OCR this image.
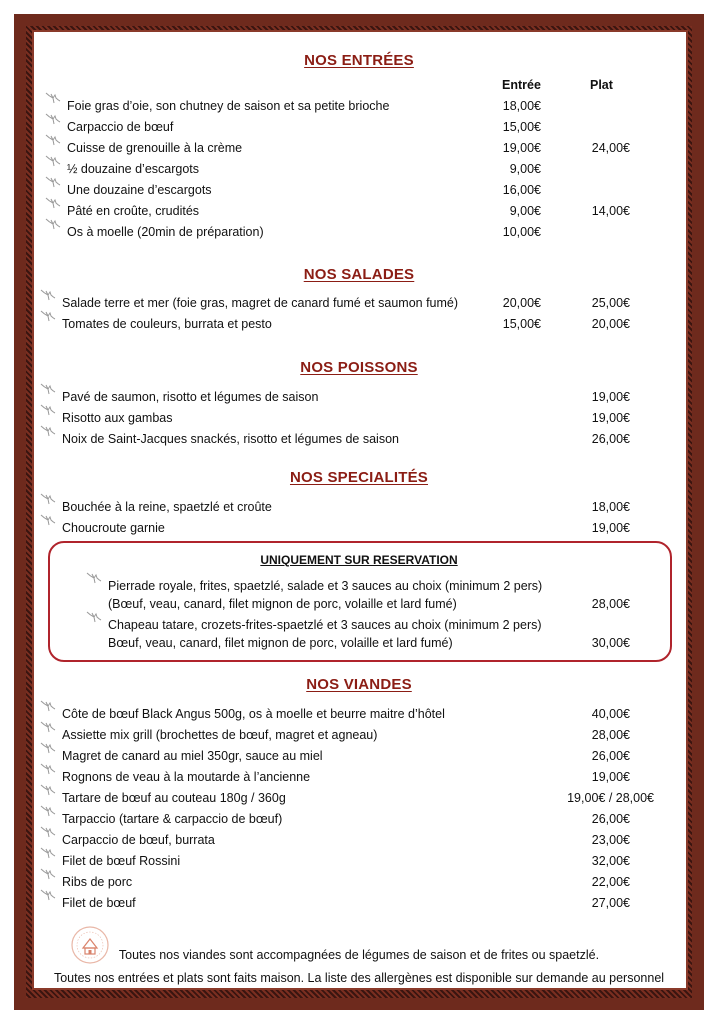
NOS ENTRÉES
Entrée	Plat
Foie gras d’oie, son chutney de saison et sa petite brioche	18,00€
Carpaccio de bœuf	15,00€
Cuisse de grenouille à la crème	19,00€	24,00€
½ douzaine d’escargots	9,00€
Une douzaine d’escargots	16,00€
Pâté en croûte, crudités	9,00€	14,00€
Os à moelle (20min de préparation)	10,00€
NOS SALADES
Salade terre et mer (foie gras, magret de canard fumé et saumon fumé)	20,00€	25,00€
Tomates de couleurs, burrata et pesto	15,00€	20,00€
NOS POISSONS
Pavé de saumon, risotto et légumes de saison	19,00€
Risotto aux gambas	19,00€
Noix de Saint-Jacques snackés, risotto et légumes de saison	26,00€
NOS SPECIALITÉS
Bouchée à la reine, spaetzlé et croûte	18,00€
Choucroute garnie	19,00€
UNIQUEMENT SUR RESERVATION
Pierrade royale, frites, spaetzlé, salade et 3 sauces au choix (minimum 2 pers)
(Bœuf, veau, canard, filet mignon de porc, volaille et lard fumé)	28,00€
Chapeau tatare, crozets-frites-spaetzlé et 3 sauces au choix (minimum 2 pers)
Bœuf, veau, canard, filet mignon de porc, volaille et lard fumé)	30,00€
NOS VIANDES
Côte de bœuf Black Angus 500g, os à moelle et beurre maitre d’hôtel	40,00€
Assiette mix grill (brochettes de bœuf, magret et agneau)	28,00€
Magret de canard au miel 350gr, sauce au miel	26,00€
Rognons de veau à la moutarde à l’ancienne	19,00€
Tartare de bœuf au couteau 180g / 360g	19,00€ / 28,00€
Tarpaccio (tartare & carpaccio de bœuf)	26,00€
Carpaccio de bœuf, burrata	23,00€
Filet de bœuf Rossini	32,00€
Ribs de porc	22,00€
Filet de bœuf	27,00€
Toutes nos viandes sont accompagnées de légumes de saison et de frites ou spaetzlé.
Toutes nos entrées et plats sont faits maison. La liste des allergènes est disponible sur demande au personnel
